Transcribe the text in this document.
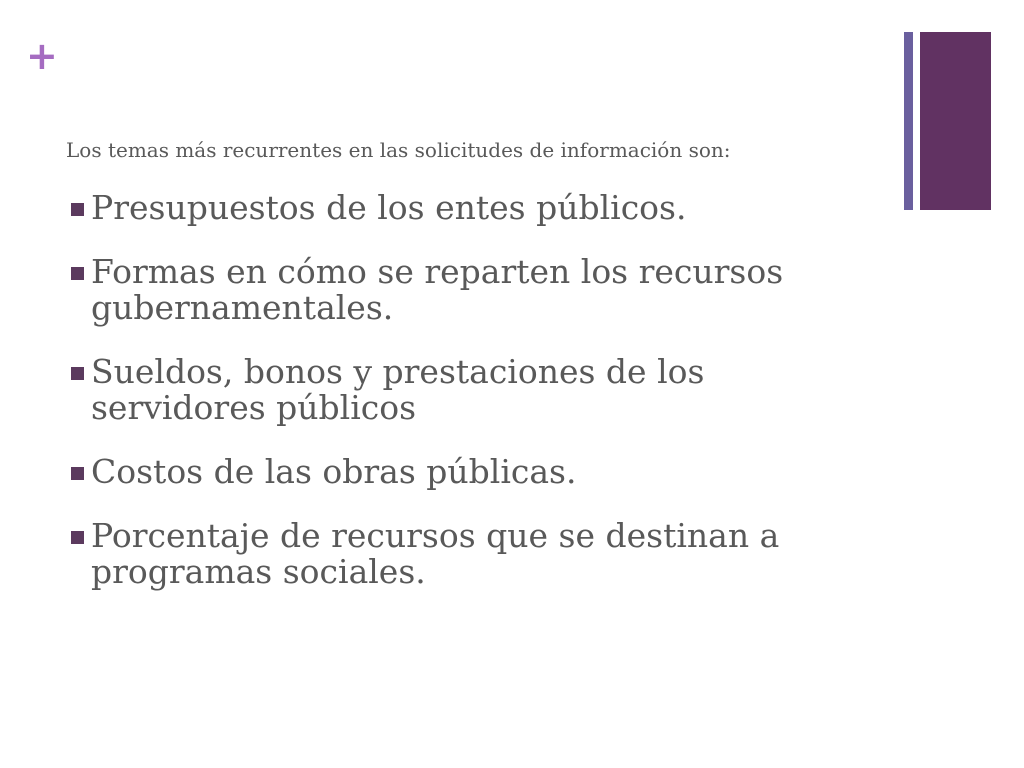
+
Los temas más recurrentes en las solicitudes de información son:
Presupuestos de los entes públicos.
Formas en cómo se reparten los recursos gubernamentales.
Sueldos, bonos y prestaciones de los servidores públicos
Costos de las obras públicas.
Porcentaje de recursos que se destinan a programas sociales.
